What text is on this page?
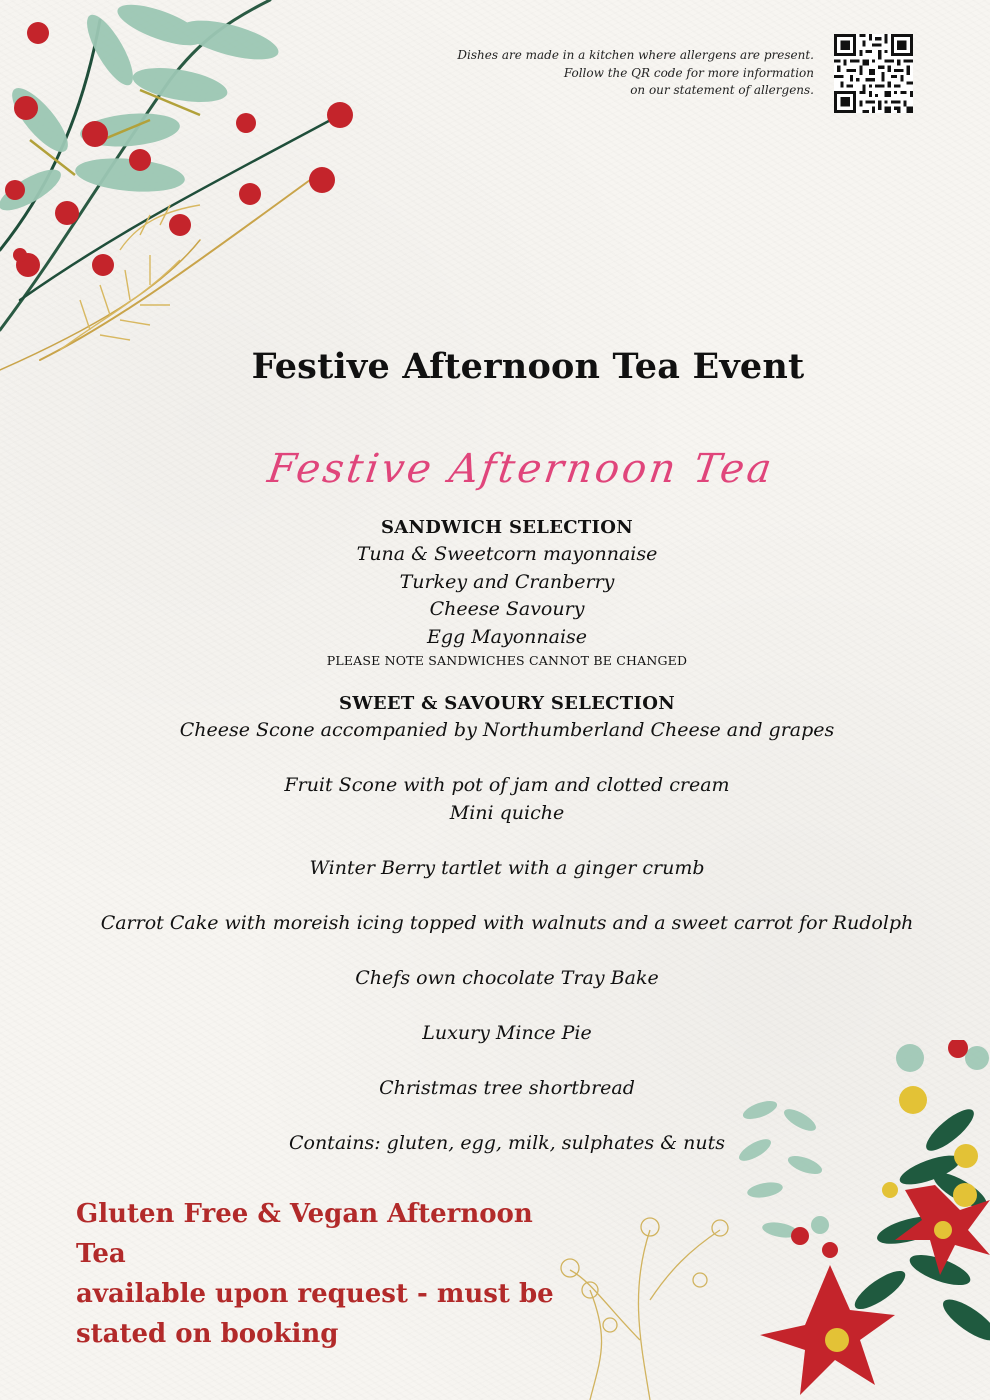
Dishes are made in a kitchen where allergens are present.
Follow the QR code for more information
on our statement of allergens.
Festive Afternoon Tea Event
Festive Afternoon Tea
SANDWICH SELECTION
Tuna & Sweetcorn mayonnaise
Turkey and Cranberry
Cheese Savoury
Egg Mayonnaise
PLEASE NOTE SANDWICHES CANNOT BE CHANGED
SWEET & SAVOURY SELECTION
Cheese Scone accompanied by Northumberland Cheese and grapes
Fruit Scone with pot of jam and clotted cream
Mini quiche
Winter Berry tartlet with a ginger crumb
Carrot Cake with moreish icing topped with walnuts and a sweet carrot for Rudolph
Chefs own chocolate Tray Bake
Luxury Mince Pie
Christmas tree shortbread
Contains: gluten, egg, milk, sulphates & nuts
Gluten Free & Vegan Afternoon Tea
available upon request - must be
stated on booking
